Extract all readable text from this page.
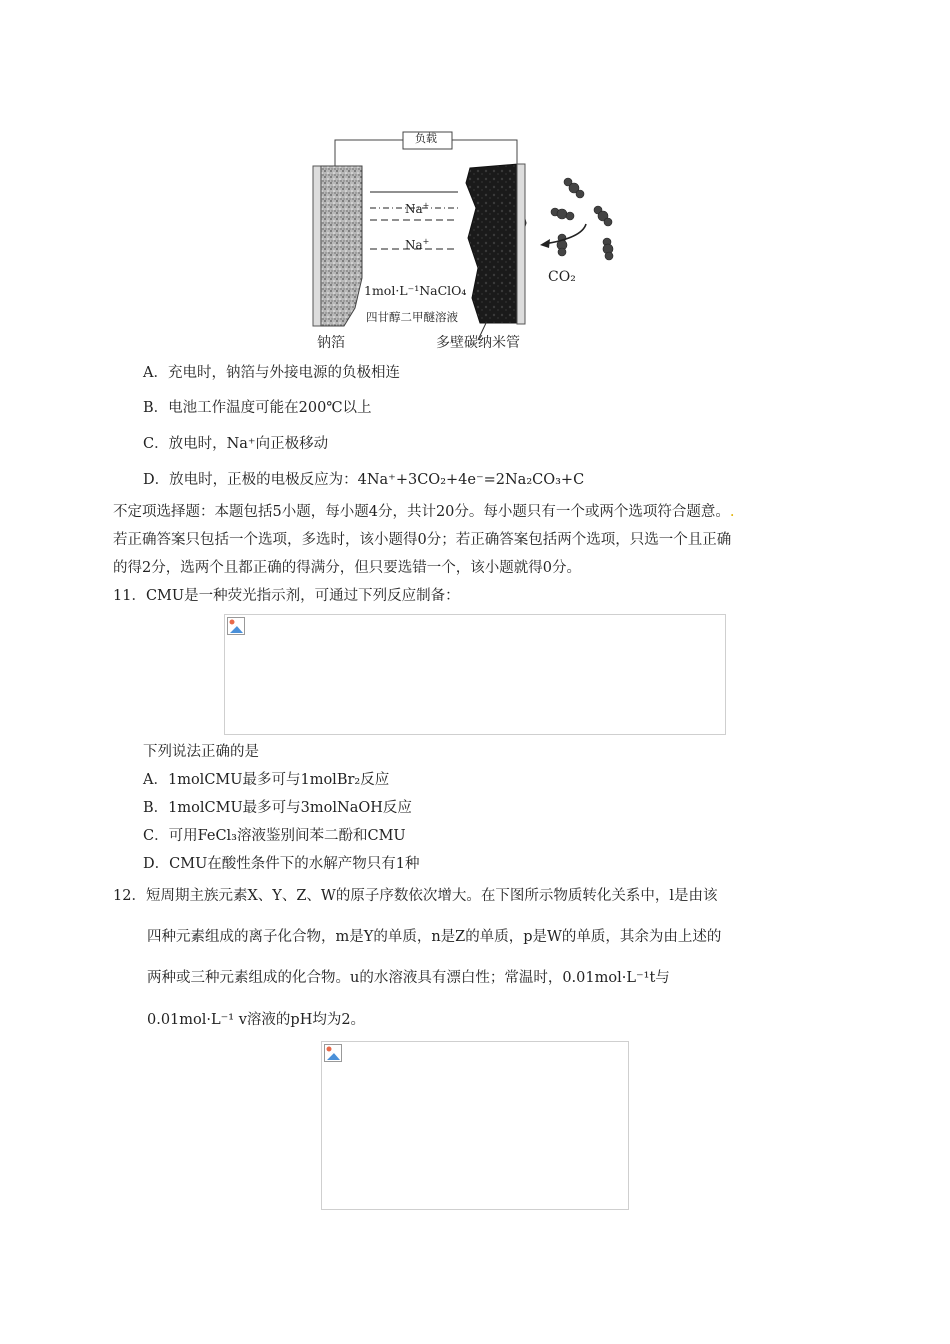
负载
Na+
Na+
1mol·L⁻¹NaClO₄
四甘醇二甲醚溶液
CO₂
钠箔	多壁碳纳米管
A．充电时，钠箔与外接电源的负极相连
B．电池工作温度可能在200℃以上
C．放电时，Na⁺向正极移动
D．放电时，正极的电极反应为：4Na⁺+3CO₂+4e⁻=2Na₂CO₃+C
不定项选择题：本题包括5小题，每小题4分，共计20分。每小题只有一个或两个选项符合题意。.
若正确答案只包括一个选项，多选时，该小题得0分；若正确答案包括两个选项，只选一个且正确
的得2分，选两个且都正确的得满分，但只要选错一个，该小题就得0分。
11．CMU是一种荧光指示剂，可通过下列反应制备：
下列说法正确的是
A．1molCMU最多可与1molBr₂反应
B．1molCMU最多可与3molNaOH反应
C．可用FeCl₃溶液鉴别间苯二酚和CMU
D．CMU在酸性条件下的水解产物只有1种
12．短周期主族元素X、Y、Z、W的原子序数依次增大。在下图所示物质转化关系中，l是由该
四种元素组成的离子化合物，m是Y的单质，n是Z的单质，p是W的单质，其余为由上述的
两种或三种元素组成的化合物。u的水溶液具有漂白性；常温时，0.01mol·L⁻¹t与
0.01mol·L⁻¹ v溶液的pH均为2。
